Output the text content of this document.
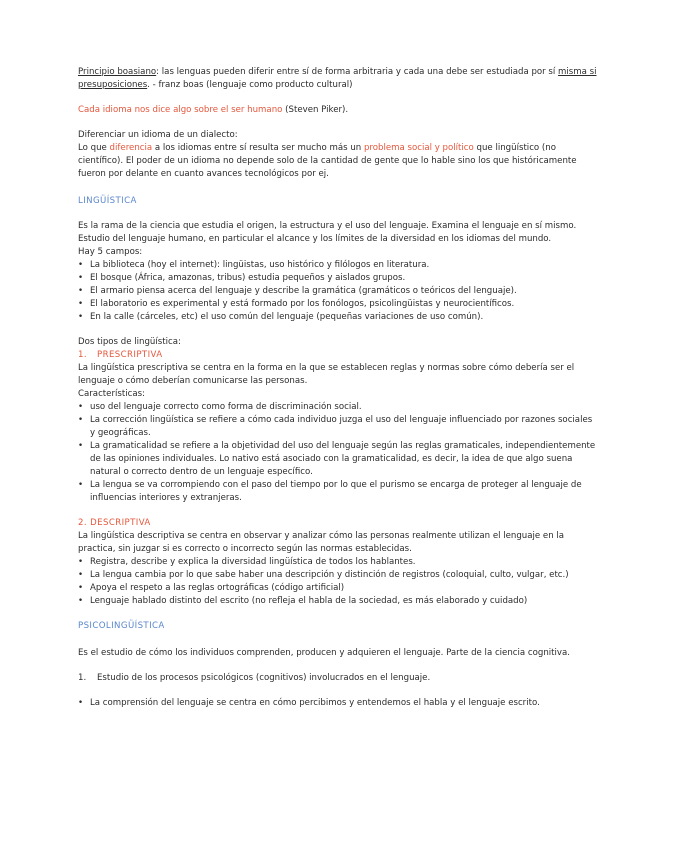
Principio boasiano: las lenguas pueden diferir entre sí de forma arbitraria y cada una debe ser estudiada por sí misma si presuposiciones. - franz boas (lenguaje como producto cultural)

Cada idioma nos dice algo sobre el ser humano (Steven Piker).

Diferenciar un idioma de un dialecto:

Lo que diferencia a los idiomas entre sí resulta ser mucho más un problema social y político que lingüístico (no científico). El poder de un idioma no depende solo de la cantidad de gente que lo hable sino los que históricamente fueron por delante en cuanto avances tecnológicos por ej.

LINGÜÍSTICA

Es la rama de la ciencia que estudia el origen, la estructura y el uso del lenguaje. Examina el lenguaje en sí mismo. Estudio del lenguaje humano, en particular el alcance y los límites de la diversidad en los idiomas del mundo.

Hay 5 campos:

• La biblioteca (hoy el internet): lingüistas, uso histórico y filólogos en literatura.
• El bosque (África, amazonas, tribus) estudia pequeños y aislados grupos.
• El armario piensa acerca del lenguaje y describe la gramática (gramáticos o teóricos del lenguaje).
• El laboratorio es experimental y está formado por los fonólogos, psicolingüistas y neurocientíficos.
• En la calle (cárceles, etc) el uso común del lenguaje (pequeñas variaciones de uso común).

Dos tipos de lingüística:

1.	PRESCRIPTIVA

La lingüística prescriptiva se centra en la forma en la que se establecen reglas y normas sobre cómo debería ser el lenguaje o cómo deberían comunicarse las personas.

Características:

• uso del lenguaje correcto como forma de discriminación social.
• La corrección lingüística se refiere a cómo cada individuo juzga el uso del lenguaje influenciado por razones sociales y geográficas.
• La gramaticalidad se refiere a la objetividad del uso del lenguaje según las reglas gramaticales, independientemente de las opiniones individuales. Lo nativo está asociado con la gramaticalidad, es decir, la idea de que algo suena natural o correcto dentro de un lenguaje específico.
• La lengua se va corrompiendo con el paso del tiempo por lo que el purismo se encarga de proteger al lenguaje de influencias interiores y extranjeras.

2. DESCRIPTIVA

La lingüística descriptiva se centra en observar y analizar cómo las personas realmente utilizan el lenguaje en la practica, sin juzgar si es correcto o incorrecto según las normas establecidas.

• Registra, describe y explica la diversidad lingüística de todos los hablantes.
• La lengua cambia por lo que sabe haber una descripción y distinción de registros (coloquial, culto, vulgar, etc.)
• Apoya el respeto a las reglas ortográficas (código artificial)
• Lenguaje hablado distinto del escrito (no refleja el habla de la sociedad, es más elaborado y cuidado)

PSICOLINGÜÍSTICA

Es el estudio de cómo los individuos comprenden, producen y adquieren el lenguaje. Parte de la ciencia cognitiva.

1.	Estudio de los procesos psicológicos (cognitivos) involucrados en el lenguaje.
• La comprensión del lenguaje se centra en cómo percibimos y entendemos el habla y el lenguaje escrito.
